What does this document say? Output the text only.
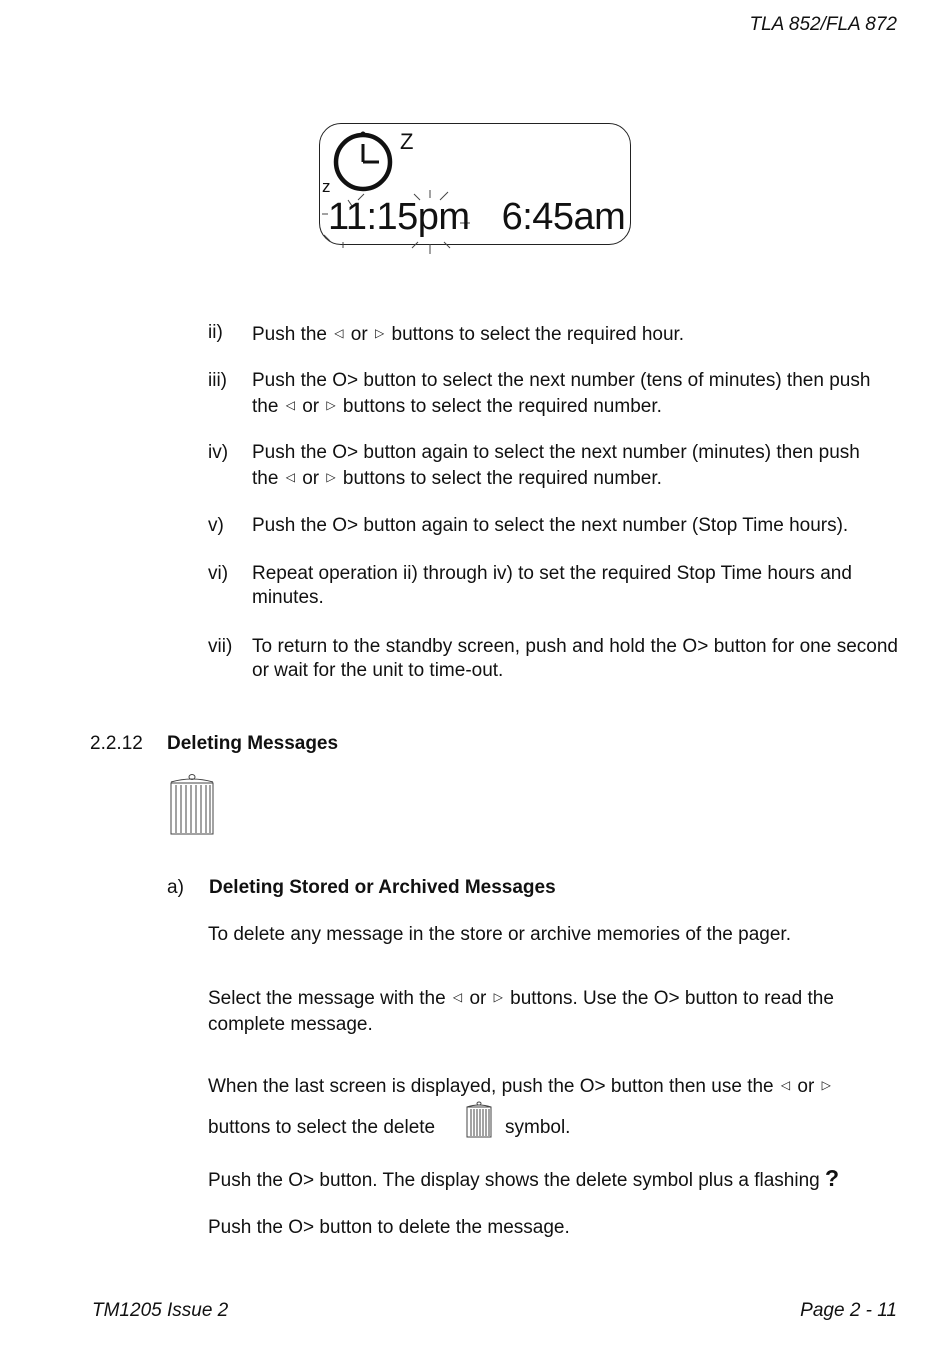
TLA 852/FLA 872
Z
z
11:15pm 6:45am
ii) Push the ◁ or ▷ buttons to select the required hour.
iii) Push the O> button to select the next number (tens of minutes) then push
the ◁ or ▷ buttons to select the required number.
iv) Push the O> button again to select the next number (minutes) then push
the ◁ or ▷ buttons to select the required number.
v) Push the O> button again to select the next number (Stop Time hours).
vi) Repeat operation ii) through iv) to set the required Stop Time hours and minutes.
vii) To return to the standby screen, push and hold the O> button for one second or wait for the unit to time-out.
2.2.12 Deleting Messages
a) Deleting Stored or Archived Messages
To delete any message in the store or archive memories of the pager.
Select the message with the ◁ or ▷ buttons. Use the O> button to read the
complete message.
When the last screen is displayed, push the O> button then use the ◁ or ▷
buttons to select the delete	symbol.
Push the O> button. The display shows the delete symbol plus a flashing ?
Push the O> button to delete the message.
TM1205 Issue 2	Page 2 - 11
